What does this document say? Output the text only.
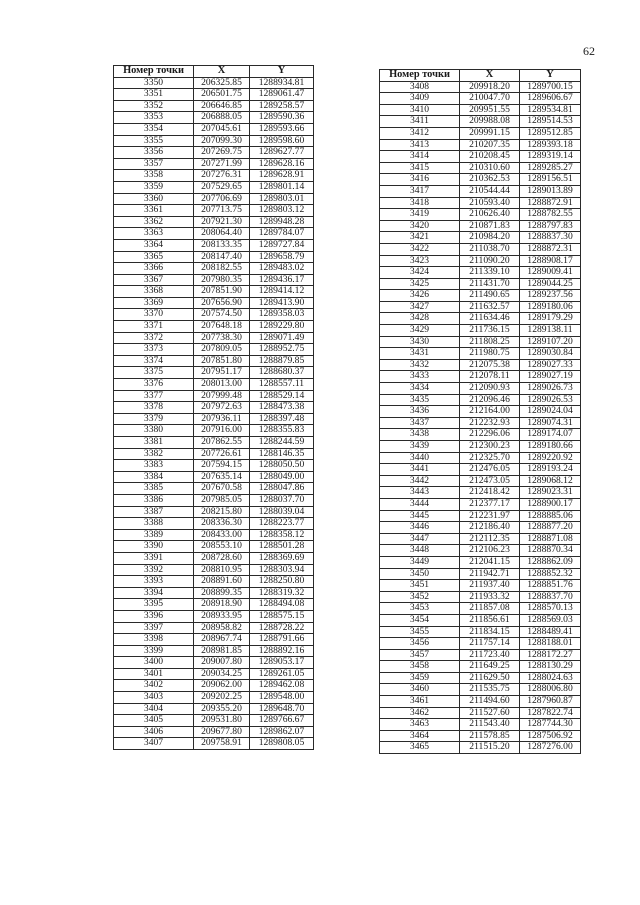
62
Номер точки	X	Y
3350	206325.85	1288934.81
3351	206501.75	1289061.47
3352	206646.85	1289258.57
3353	206888.05	1289590.36
3354	207045.61	1289593.66
3355	207099.30	1289598.60
3356	207269.75	1289627.77
3357	207271.99	1289628.16
3358	207276.31	1289628.91
3359	207529.65	1289801.14
3360	207706.69	1289803.01
3361	207713.75	1289803.12
3362	207921.30	1289948.28
3363	208064.40	1289784.07
3364	208133.35	1289727.84
3365	208147.40	1289658.79
3366	208182.55	1289483.02
3367	207980.35	1289436.17
3368	207851.90	1289414.12
3369	207656.90	1289413.90
3370	207574.50	1289358.03
3371	207648.18	1289229.80
3372	207738.30	1289071.49
3373	207809.05	1288952.75
3374	207851.80	1288879.85
3375	207951.17	1288680.37
3376	208013.00	1288557.11
3377	207999.48	1288529.14
3378	207972.63	1288473.38
3379	207936.11	1288397.48
3380	207916.00	1288355.83
3381	207862.55	1288244.59
3382	207726.61	1288146.35
3383	207594.15	1288050.50
3384	207635.14	1288049.00
3385	207670.58	1288047.86
3386	207985.05	1288037.70
3387	208215.80	1288039.04
3388	208336.30	1288223.77
3389	208433.00	1288358.12
3390	208553.10	1288501.28
3391	208728.60	1288369.69
3392	208810.95	1288303.94
3393	208891.60	1288250.80
3394	208899.35	1288319.32
3395	208918.90	1288494.08
3396	208933.95	1288575.15
3397	208958.82	1288728.22
3398	208967.74	1288791.66
3399	208981.85	1288892.16
3400	209007.80	1289053.17
3401	209034.25	1289261.05
3402	209062.00	1289462.08
3403	209202.25	1289548.00
3404	209355.20	1289648.70
3405	209531.80	1289766.67
3406	209677.80	1289862.07
3407	209758.91	1289808.05
Номер точки	X	Y
3408	209918.20	1289700.15
3409	210047.70	1289606.67
3410	209951.55	1289534.81
3411	209988.08	1289514.53
3412	209991.15	1289512.85
3413	210207.35	1289393.18
3414	210208.45	1289319.14
3415	210310.60	1289285.27
3416	210362.53	1289156.51
3417	210544.44	1289013.89
3418	210593.40	1288872.91
3419	210626.40	1288782.55
3420	210871.83	1288797.83
3421	210984.20	1288837.30
3422	211038.70	1288872.31
3423	211090.20	1288908.17
3424	211339.10	1289009.41
3425	211431.70	1289044.25
3426	211490.65	1289237.56
3427	211632.57	1289180.06
3428	211634.46	1289179.29
3429	211736.15	1289138.11
3430	211808.25	1289107.20
3431	211980.75	1289030.84
3432	212075.38	1289027.33
3433	212078.11	1289027.19
3434	212090.93	1289026.73
3435	212096.46	1289026.53
3436	212164.00	1289024.04
3437	212232.93	1289074.31
3438	212296.06	1289174.07
3439	212300.23	1289180.66
3440	212325.70	1289220.92
3441	212476.05	1289193.24
3442	212473.05	1289068.12
3443	212418.42	1289023.31
3444	212377.17	1288900.17
3445	212231.97	1288885.06
3446	212186.40	1288877.20
3447	212112.35	1288871.08
3448	212106.23	1288870.34
3449	212041.15	1288862.09
3450	211942.71	1288852.32
3451	211937.40	1288851.76
3452	211933.32	1288837.70
3453	211857.08	1288570.13
3454	211856.61	1288569.03
3455	211834.15	1288489.41
3456	211757.14	1288188.01
3457	211723.40	1288172.27
3458	211649.25	1288130.29
3459	211629.50	1288024.63
3460	211535.75	1288006.80
3461	211494.60	1287960.87
3462	211527.60	1287822.74
3463	211543.40	1287744.30
3464	211578.85	1287506.92
3465	211515.20	1287276.00
